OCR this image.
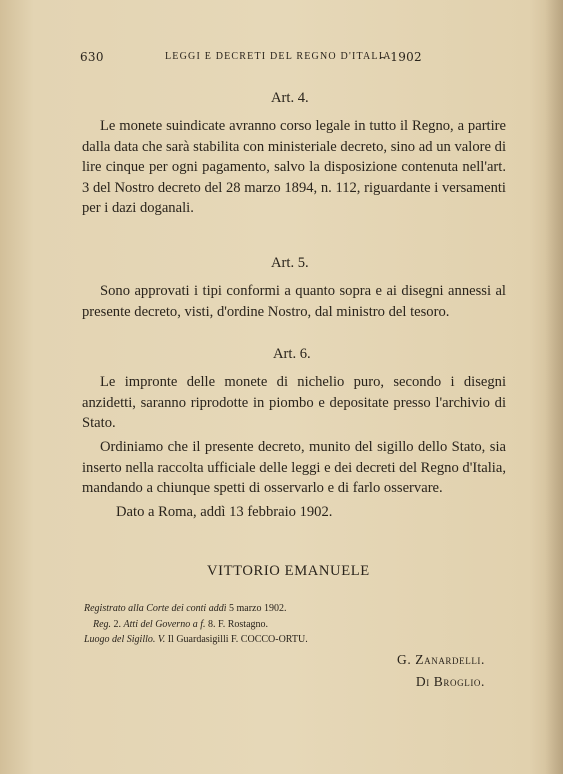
630	LEGGI E DECRETI DEL REGNO D'ITALIA
– 1902
Art. 4.

Le monete suindicate avranno corso legale in tutto il Regno, a partire dalla data che sarà stabilita con ministeriale decreto, sino ad un valore di lire cinque per ogni pagamento, salvo la disposizione contenuta nell'art. 3 del Nostro decreto del 28 marzo 1894, n. 112, riguardante i versamenti per i dazi doganali.

Art. 5.

Sono approvati i tipi conformi a quanto sopra e ai disegni annessi al presente decreto, visti, d'ordine Nostro, dal ministro del tesoro.

Art. 6.

Le impronte delle monete di nichelio puro, secondo i disegni anzidetti, saranno riprodotte in piombo e depositate presso l'archivio di Stato.

Ordiniamo che il presente decreto, munito del sigillo dello Stato, sia inserto nella raccolta ufficiale delle leggi e dei decreti del Regno d'Italia, mandando a chiunque spetti di osservarlo e di farlo osservare.

Dato a Roma, addì 13 febbraio 1902.

VITTORIO EMANUELE
Registrato alla Corte dei conti addì 5 marzo 1902.
Reg. 2. Atti del Governo a f. 8. F. Rostagno.
Luogo del Sigillo. V. Il Guardasigilli F. COCCO-ORTU.
G. Zanardelli.
Di Broglio.
